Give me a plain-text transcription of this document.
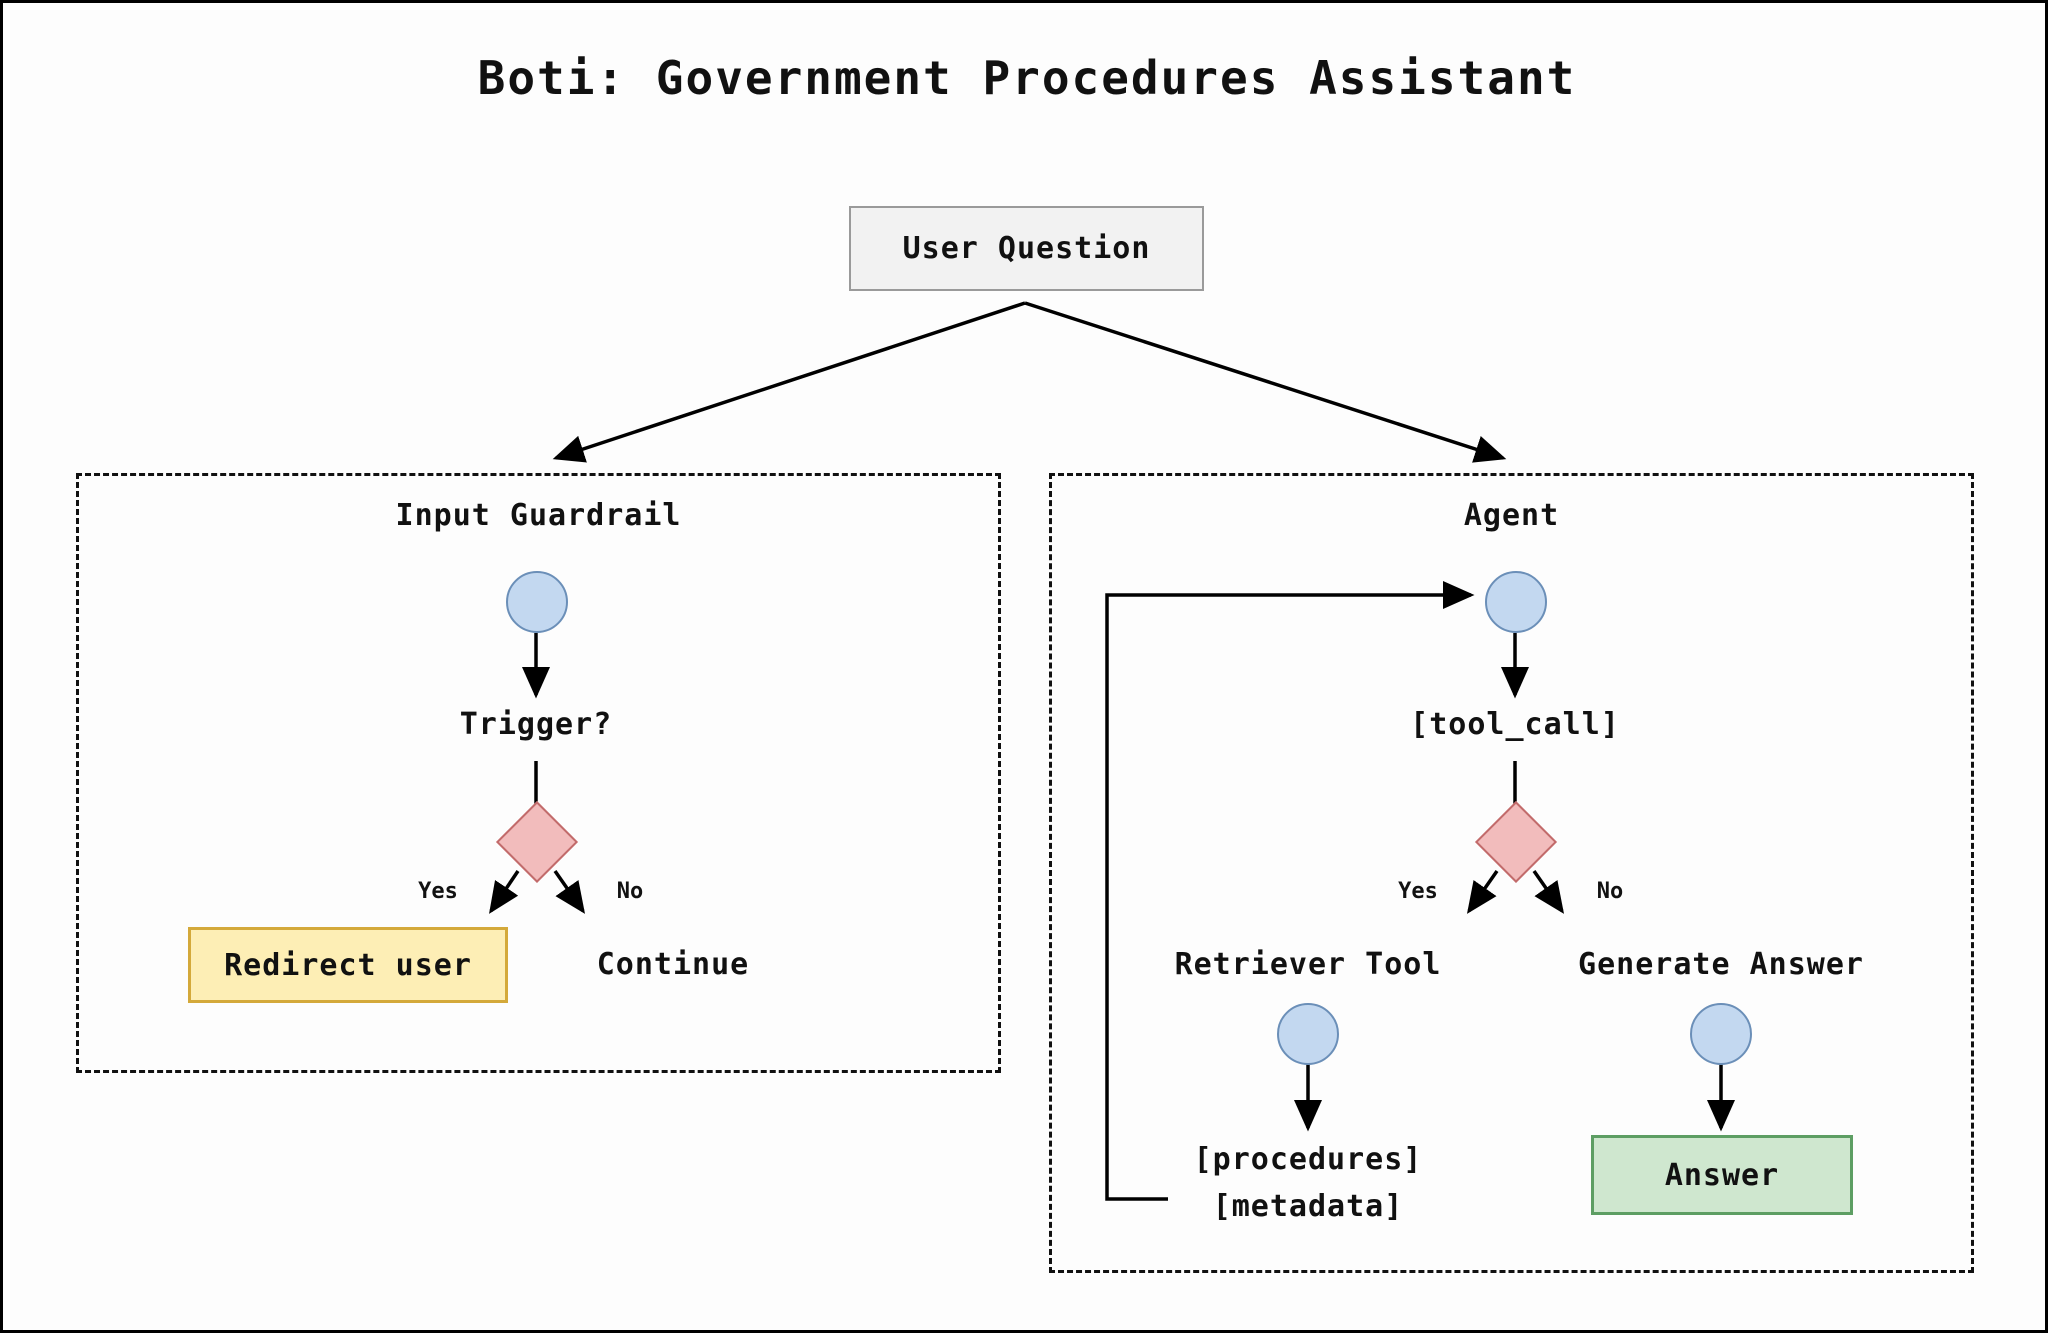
Boti: Government Procedures Assistant
User Question
Input Guardrail
Trigger?
Yes	No
Redirect user	Continue
Agent
[tool_call]
Yes	No
Retriever Tool	Generate Answer
[procedures]
[metadata]
Answer
